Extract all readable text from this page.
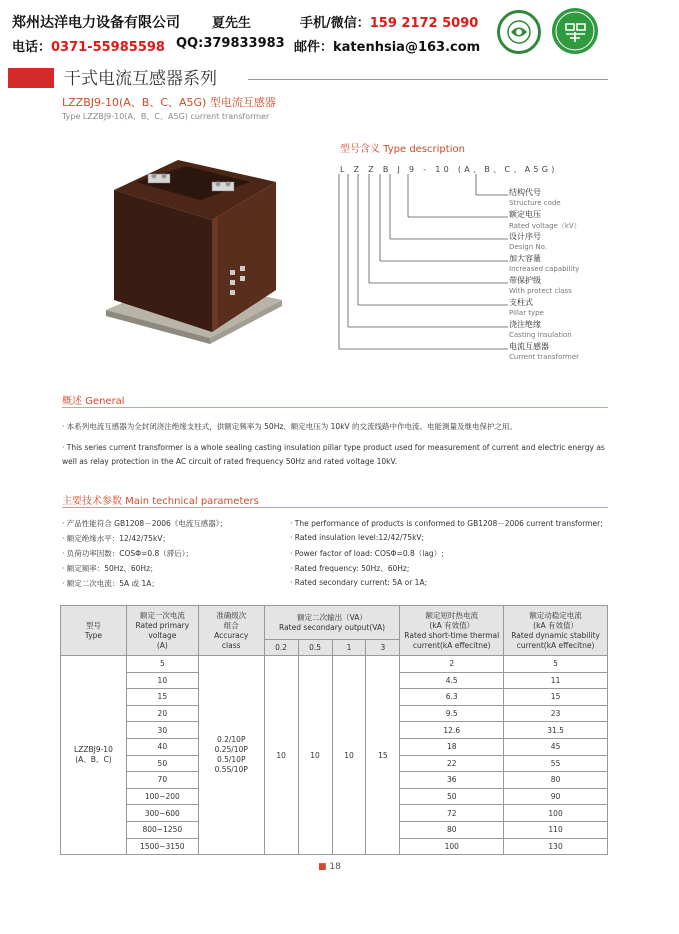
郑州达洋电力设备有限公司 夏先生	手机/微信：159 2172 5090
电话：0371-55985598 QQ:379833983 邮件：katenhsia@163.com
干式电流互感器系列
LZZBJ9-10(A、B、C、A5G) 型电流互感器
Type LZZBJ9-10(A、B、C、A5G) current transformer
型号含义 Type description
L Z Z B J 9 - 10 (A、B、C、A5G)
结构代号
Structure code
额定电压
Rated voltage（kV）
设计序号
Design No.
加大容量
Increased capability
带保护级
With protect class
支柱式
Pillar type
浇注绝缘
Casting insulation
电流互感器
Current transformer
概述 General
· 本系列电流互感器为全封闭浇注绝缘支柱式，供额定频率为 50Hz、额定电压为 10kV 的交流线路中作电流、电能测量及继电保护之用。
· This series current transformer is a whole sealing casting insulation pillar type product used for measurement of current and electric energy as well as relay protection in the AC circuit of rated frequency 50Hz and rated voltage 10kV.
主要技术参数 Main technical parameters
· 产品性能符合 GB1208－2006《电流互感器》；
· 额定绝缘水平：12/42/75kV；
· 负荷功率因数：COSΦ=0.8（滞后）；
· 额定频率：50Hz、60Hz；
· 额定二次电流：5A 或 1A；
· The performance of products is conformed to GB1208－2006 current transformer;
· Rated insulation level:12/42/75kV;
· Power factor of load: COSΦ=0.8（lag）;
· Rated frequency: 50Hz、60Hz;
· Rated secondary current: 5A or 1A;
型号
Type	额定一次电流
Rated primary
voltage
(A)	准确级次
组合
Accuracy
class	额定二次输出（VA）
Rated secondary output(VA)				额定短时热电流
(kA 有效值）
Rated short-time thermal
current(kA effecitne)	额定动稳定电流
(kA 有效值）
Rated dynamic stability
current(kA effecitne)
			0.2	0.5	1	3		
LZZBJ9-10
(A、B、C)	5	0.2/10P
0.25/10P
0.5/10P
0.5S/10P	10	10	10	15	2	5
	10						4.5	11
	15						6.3	15
	20						9.5	23
	30						12.6	31.5
	40						18	45
	50						22	55
	70						36	80
	100~200						50	90
	300~600						72	100
	800~1250						80	110
	1500~3150						100	130
■ 18
